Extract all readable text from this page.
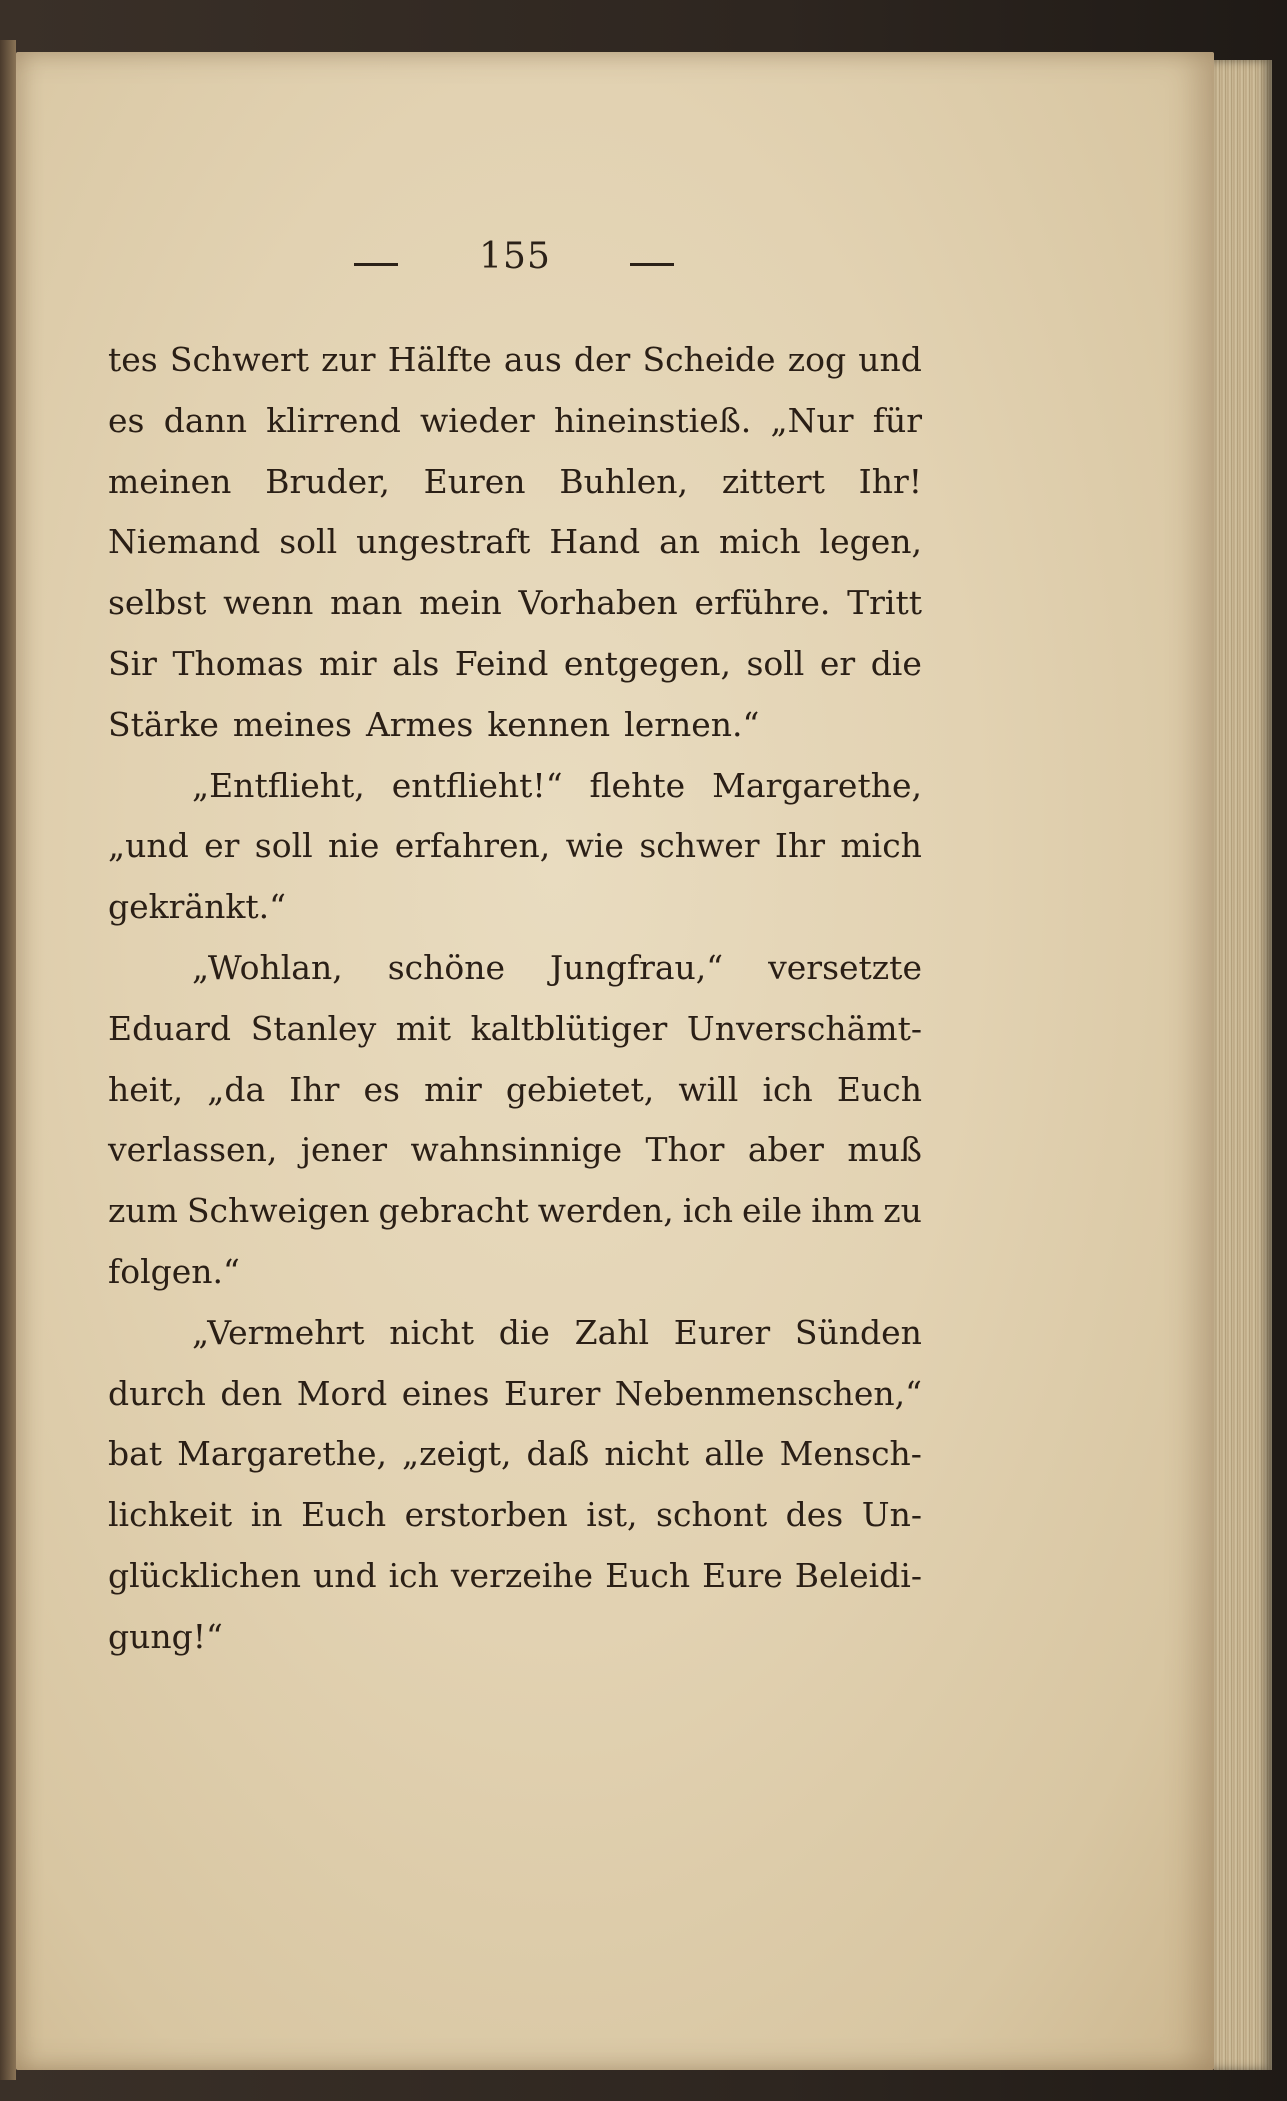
155
tes Schwert zur Hälfte aus der Scheide zog und
es dann klirrend wieder hineinstieß. „Nur für
meinen Bruder, Euren Buhlen, zittert Ihr!
Niemand soll ungestraft Hand an mich legen,
selbst wenn man mein Vorhaben erführe. Tritt
Sir Thomas mir als Feind entgegen, soll er die
Stärke meines Armes kennen lernen.“
„Entflieht, entflieht!“ flehte Margarethe,
„und er soll nie erfahren, wie schwer Ihr mich
gekränkt.“
„Wohlan, schöne Jungfrau,“ versetzte
Eduard Stanley mit kaltblütiger Unverschämt-
heit, „da Ihr es mir gebietet, will ich Euch
verlassen, jener wahnsinnige Thor aber muß
zum Schweigen gebracht werden, ich eile ihm zu
folgen.“
„Vermehrt nicht die Zahl Eurer Sünden
durch den Mord eines Eurer Nebenmenschen,“
bat Margarethe, „zeigt, daß nicht alle Mensch-
lichkeit in Euch erstorben ist, schont des Un-
glücklichen und ich verzeihe Euch Eure Beleidi-
gung!“
